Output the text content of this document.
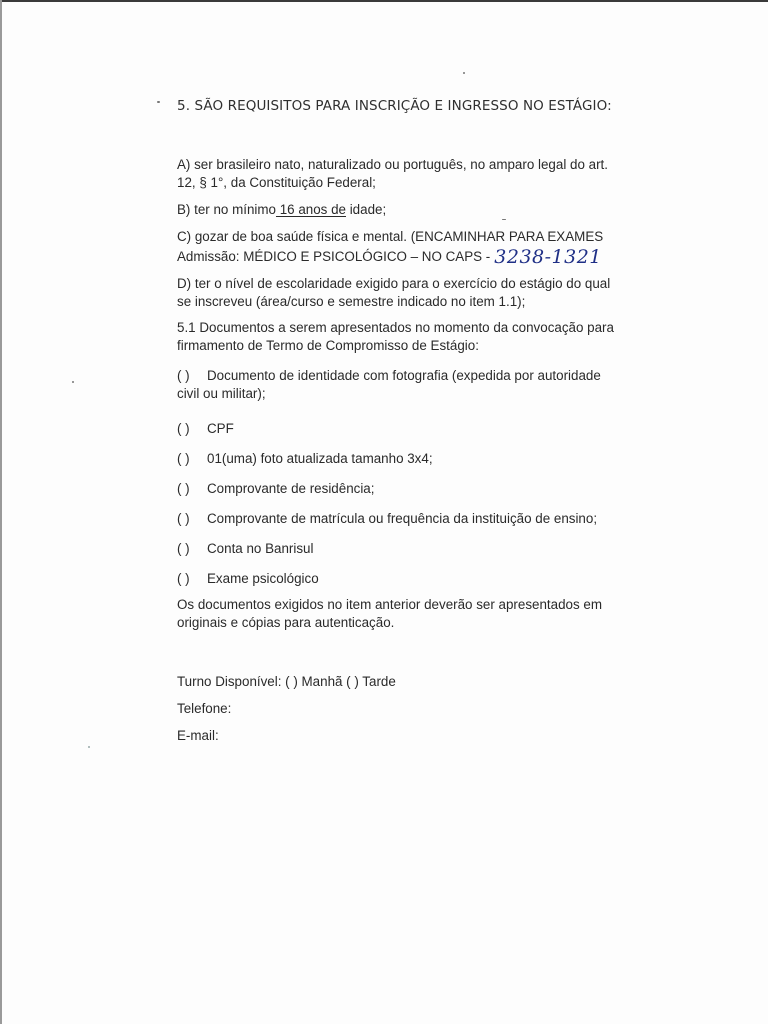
5. SÃO REQUISITOS PARA INSCRIÇÃO E INGRESSO NO ESTÁGIO:

A) ser brasileiro nato, naturalizado ou português, no amparo legal do art.

12, § 1°, da Constituição Federal;

B) ter no mínimo 16 anos de idade;

C) gozar de boa saúde física e mental. (ENCAMINHAR PARA EXAMES

Admissão: MÉDICO E PSICOLÓGICO – NO CAPS - 3238-1321

D) ter o nível de escolaridade exigido para o exercício do estágio do qual

se inscreveu (área/curso e semestre indicado no item 1.1);

5.1 Documentos a serem apresentados no momento da convocação para

firmamento de Termo de Compromisso de Estágio:

( ) Documento de identidade com fotografia (expedida por autoridade
civil ou militar);
( ) CPF
( ) 01(uma) foto atualizada tamanho 3x4;
( ) Comprovante de residência;
( ) Comprovante de matrícula ou frequência da instituição de ensino;
( ) Conta no Banrisul
( ) Exame psicológico

Os documentos exigidos no item anterior deverão ser apresentados em

originais e cópias para autenticação.

Turno Disponível: ( ) Manhã ( ) Tarde

Telefone:

E-mail:
